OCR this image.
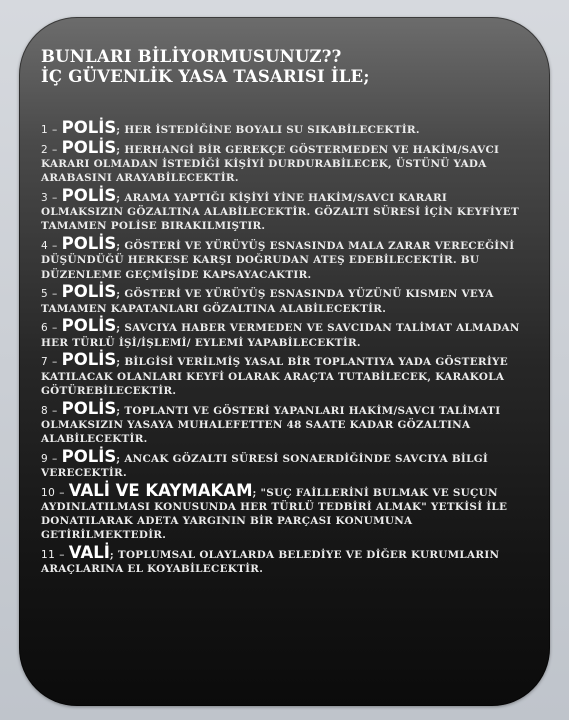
BUNLARI BİLİYORMUSUNUZ??
İÇ GÜVENLİK YASA TASARISI İLE;
1 – POLİS; HER İSTEDİĞİNE BOYALI SU SIKABİLECEKTİR.
2 – POLİS; HERHANGİ BİR GEREKÇE GÖSTERMEDEN VE HAKİM/SAVCI KARARI OLMADAN İSTEDİĞİ KİŞİYİ DURDURABİLECEK, ÜSTÜNÜ YADA ARABASINI ARAYABİLECEKTİR.
3 – POLİS; ARAMA YAPTIĞI KİŞİYİ YİNE HAKİM/SAVCI KARARI OLMAKSIZIN GÖZALTINA ALABİLECEKTİR. GÖZALTI SÜRESİ İÇİN KEYFİYET TAMAMEN POLİSE BIRAKILMIŞTIR.
4 – POLİS; GÖSTERİ VE YÜRÜYÜŞ ESNASINDA MALA ZARAR VERECEĞİNİ DÜŞÜNDÜĞÜ HERKESE KARŞI DOĞRUDAN ATEŞ EDEBİLECEKTİR. BU DÜZENLEME GEÇMİŞİDE KAPSAYACAKTIR.
5 – POLİS; GÖSTERİ VE YÜRÜYÜŞ ESNASINDA YÜZÜNÜ KISMEN VEYA TAMAMEN KAPATANLARI GÖZALTINA ALABİLECEKTİR.
6 – POLİS; SAVCIYA HABER VERMEDEN VE SAVCIDAN TALİMAT ALMADAN HER TÜRLÜ İŞİ/İŞLEMİ/ EYLEMİ YAPABİLECEKTİR.
7 – POLİS; BİLGİSİ VERİLMİŞ YASAL BİR TOPLANTIYA YADA GÖSTERİYE KATILACAK OLANLARI KEYFİ OLARAK ARAÇTA TUTABİLECEK, KARAKOLA GÖTÜREBİLECEKTİR.
8 – POLİS; TOPLANTI VE GÖSTERİ YAPANLARI HAKİM/SAVCI TALİMATI OLMAKSIZIN YASAYA MUHALEFETTEN 48 SAATE KADAR GÖZALTINA ALABİLECEKTİR.
9 – POLİS; ANCAK GÖZALTI SÜRESİ SONAERDİĞİNDE SAVCIYA BİLGİ VERECEKTİR.
10 – VALİ VE KAYMAKAM; "SUÇ FAİLLERİNİ BULMAK VE SUÇUN AYDINLATILMASI KONUSUNDA HER TÜRLÜ TEDBİRİ ALMAK" YETKİSİ İLE DONATILARAK ADETA YARGININ BİR PARÇASI KONUMUNA GETİRİLMEKTEDİR.
11 – VALİ; TOPLUMSAL OLAYLARDA BELEDİYE VE DİĞER KURUMLARIN ARAÇLARINA EL KOYABİLECEKTİR.
